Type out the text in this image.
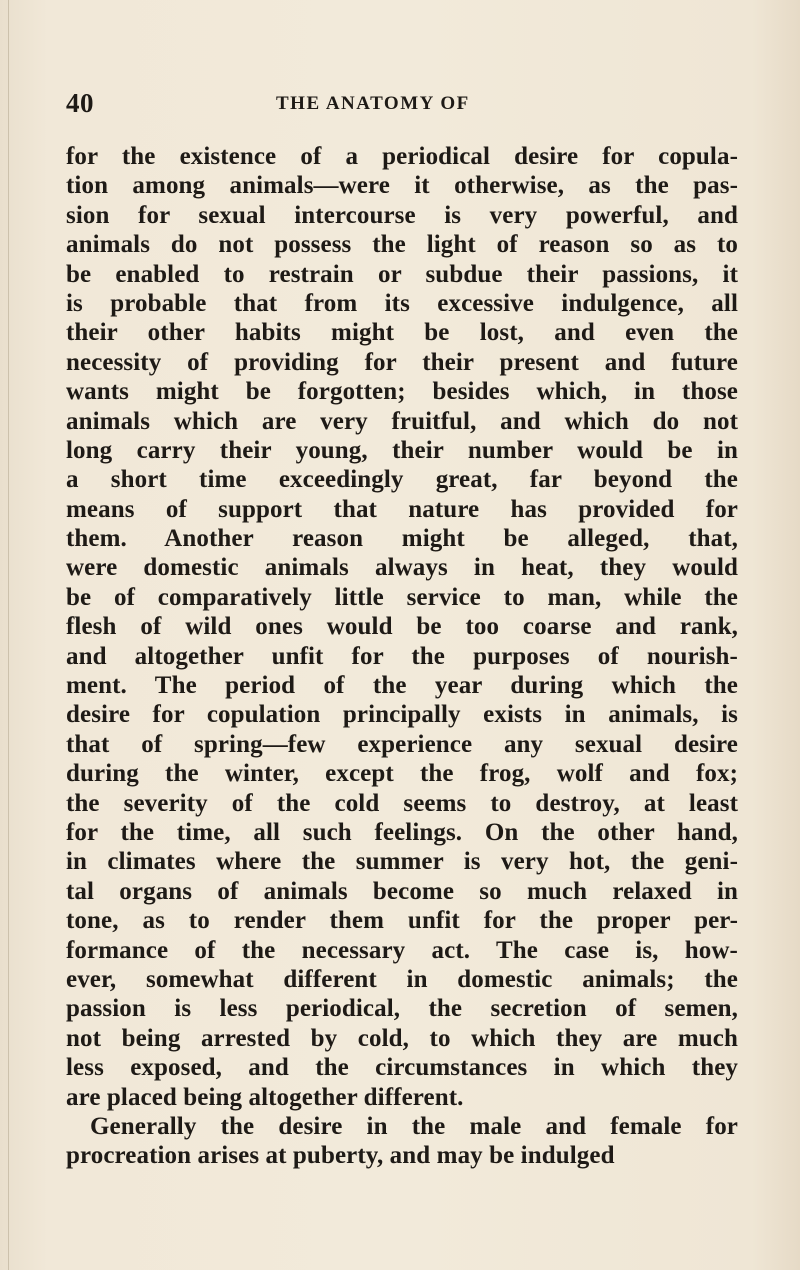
40	THE ANATOMY OF
for the existence of a periodical desire for copula-
tion among animals—were it otherwise, as the pas-
sion for sexual intercourse is very powerful, and
animals do not possess the light of reason so as to
be enabled to restrain or subdue their passions, it
is probable that from its excessive indulgence, all
their other habits might be lost, and even the
necessity of providing for their present and future
wants might be forgotten; besides which, in those
animals which are very fruitful, and which do not
long carry their young, their number would be in
a short time exceedingly great, far beyond the
means of support that nature has provided for
them. Another reason might be alleged, that,
were domestic animals always in heat, they would
be of comparatively little service to man, while the
flesh of wild ones would be too coarse and rank,
and altogether unfit for the purposes of nourish-
ment. The period of the year during which the
desire for copulation principally exists in animals, is
that of spring—few experience any sexual desire
during the winter, except the frog, wolf and fox;
the severity of the cold seems to destroy, at least
for the time, all such feelings. On the other hand,
in climates where the summer is very hot, the geni-
tal organs of animals become so much relaxed in
tone, as to render them unfit for the proper per-
formance of the necessary act. The case is, how-
ever, somewhat different in domestic animals; the
passion is less periodical, the secretion of semen,
not being arrested by cold, to which they are much
less exposed, and the circumstances in which they
are placed being altogether different.
Generally the desire in the male and female for
procreation arises at puberty, and may be indulged
